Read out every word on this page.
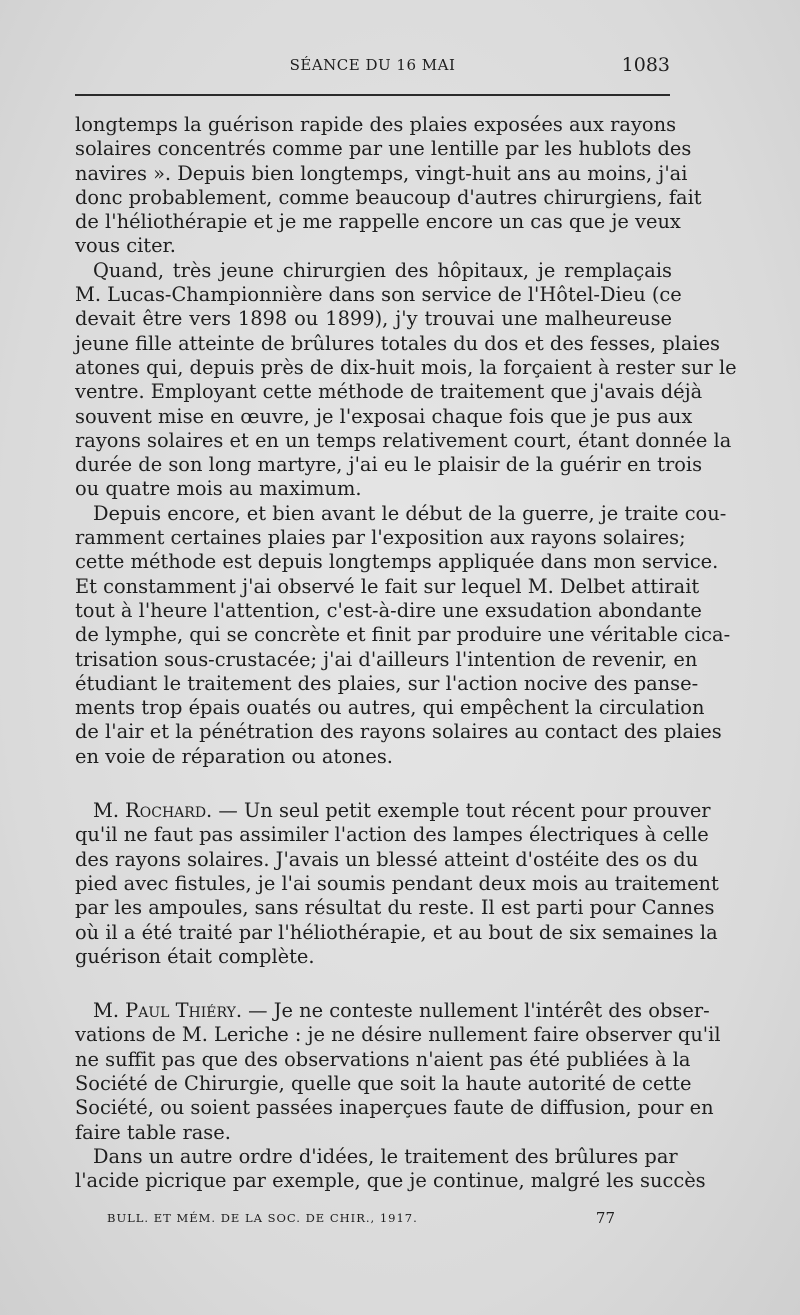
SÉANCE DU 16 MAI	1083
longtemps la guérison rapide des plaies exposées aux rayons
solaires concentrés comme par une lentille par les hublots des
navires ». Depuis bien longtemps, vingt-huit ans au moins, j'ai
donc probablement, comme beaucoup d'autres chirurgiens, fait
de l'héliothérapie et je me rappelle encore un cas que je veux
vous citer.
Quand, très jeune chirurgien des hôpitaux, je remplaçais
M. Lucas-Championnière dans son service de l'Hôtel-Dieu (ce
devait être vers 1898 ou 1899), j'y trouvai une malheureuse
jeune fille atteinte de brûlures totales du dos et des fesses, plaies
atones qui, depuis près de dix-huit mois, la forçaient à rester sur le
ventre. Employant cette méthode de traitement que j'avais déjà
souvent mise en œuvre, je l'exposai chaque fois que je pus aux
rayons solaires et en un temps relativement court, étant donnée la
durée de son long martyre, j'ai eu le plaisir de la guérir en trois
ou quatre mois au maximum.
Depuis encore, et bien avant le début de la guerre, je traite cou-
ramment certaines plaies par l'exposition aux rayons solaires;
cette méthode est depuis longtemps appliquée dans mon service.
Et constamment j'ai observé le fait sur lequel M. Delbet attirait
tout à l'heure l'attention, c'est-à-dire une exsudation abondante
de lymphe, qui se concrète et finit par produire une véritable cica-
trisation sous-crustacée; j'ai d'ailleurs l'intention de revenir, en
étudiant le traitement des plaies, sur l'action nocive des panse-
ments trop épais ouatés ou autres, qui empêchent la circulation
de l'air et la pénétration des rayons solaires au contact des plaies
en voie de réparation ou atones.
M. Rochard. — Un seul petit exemple tout récent pour prouver
qu'il ne faut pas assimiler l'action des lampes électriques à celle
des rayons solaires. J'avais un blessé atteint d'ostéite des os du
pied avec fistules, je l'ai soumis pendant deux mois au traitement
par les ampoules, sans résultat du reste. Il est parti pour Cannes
où il a été traité par l'héliothérapie, et au bout de six semaines la
guérison était complète.
M. Paul Thiéry. — Je ne conteste nullement l'intérêt des obser-
vations de M. Leriche : je ne désire nullement faire observer qu'il
ne suffit pas que des observations n'aient pas été publiées à la
Société de Chirurgie, quelle que soit la haute autorité de cette
Société, ou soient passées inaperçues faute de diffusion, pour en
faire table rase.
Dans un autre ordre d'idées, le traitement des brûlures par
l'acide picrique par exemple, que je continue, malgré les succès
BULL. ET MÉM. DE LA SOC. DE CHIR., 1917.	77
